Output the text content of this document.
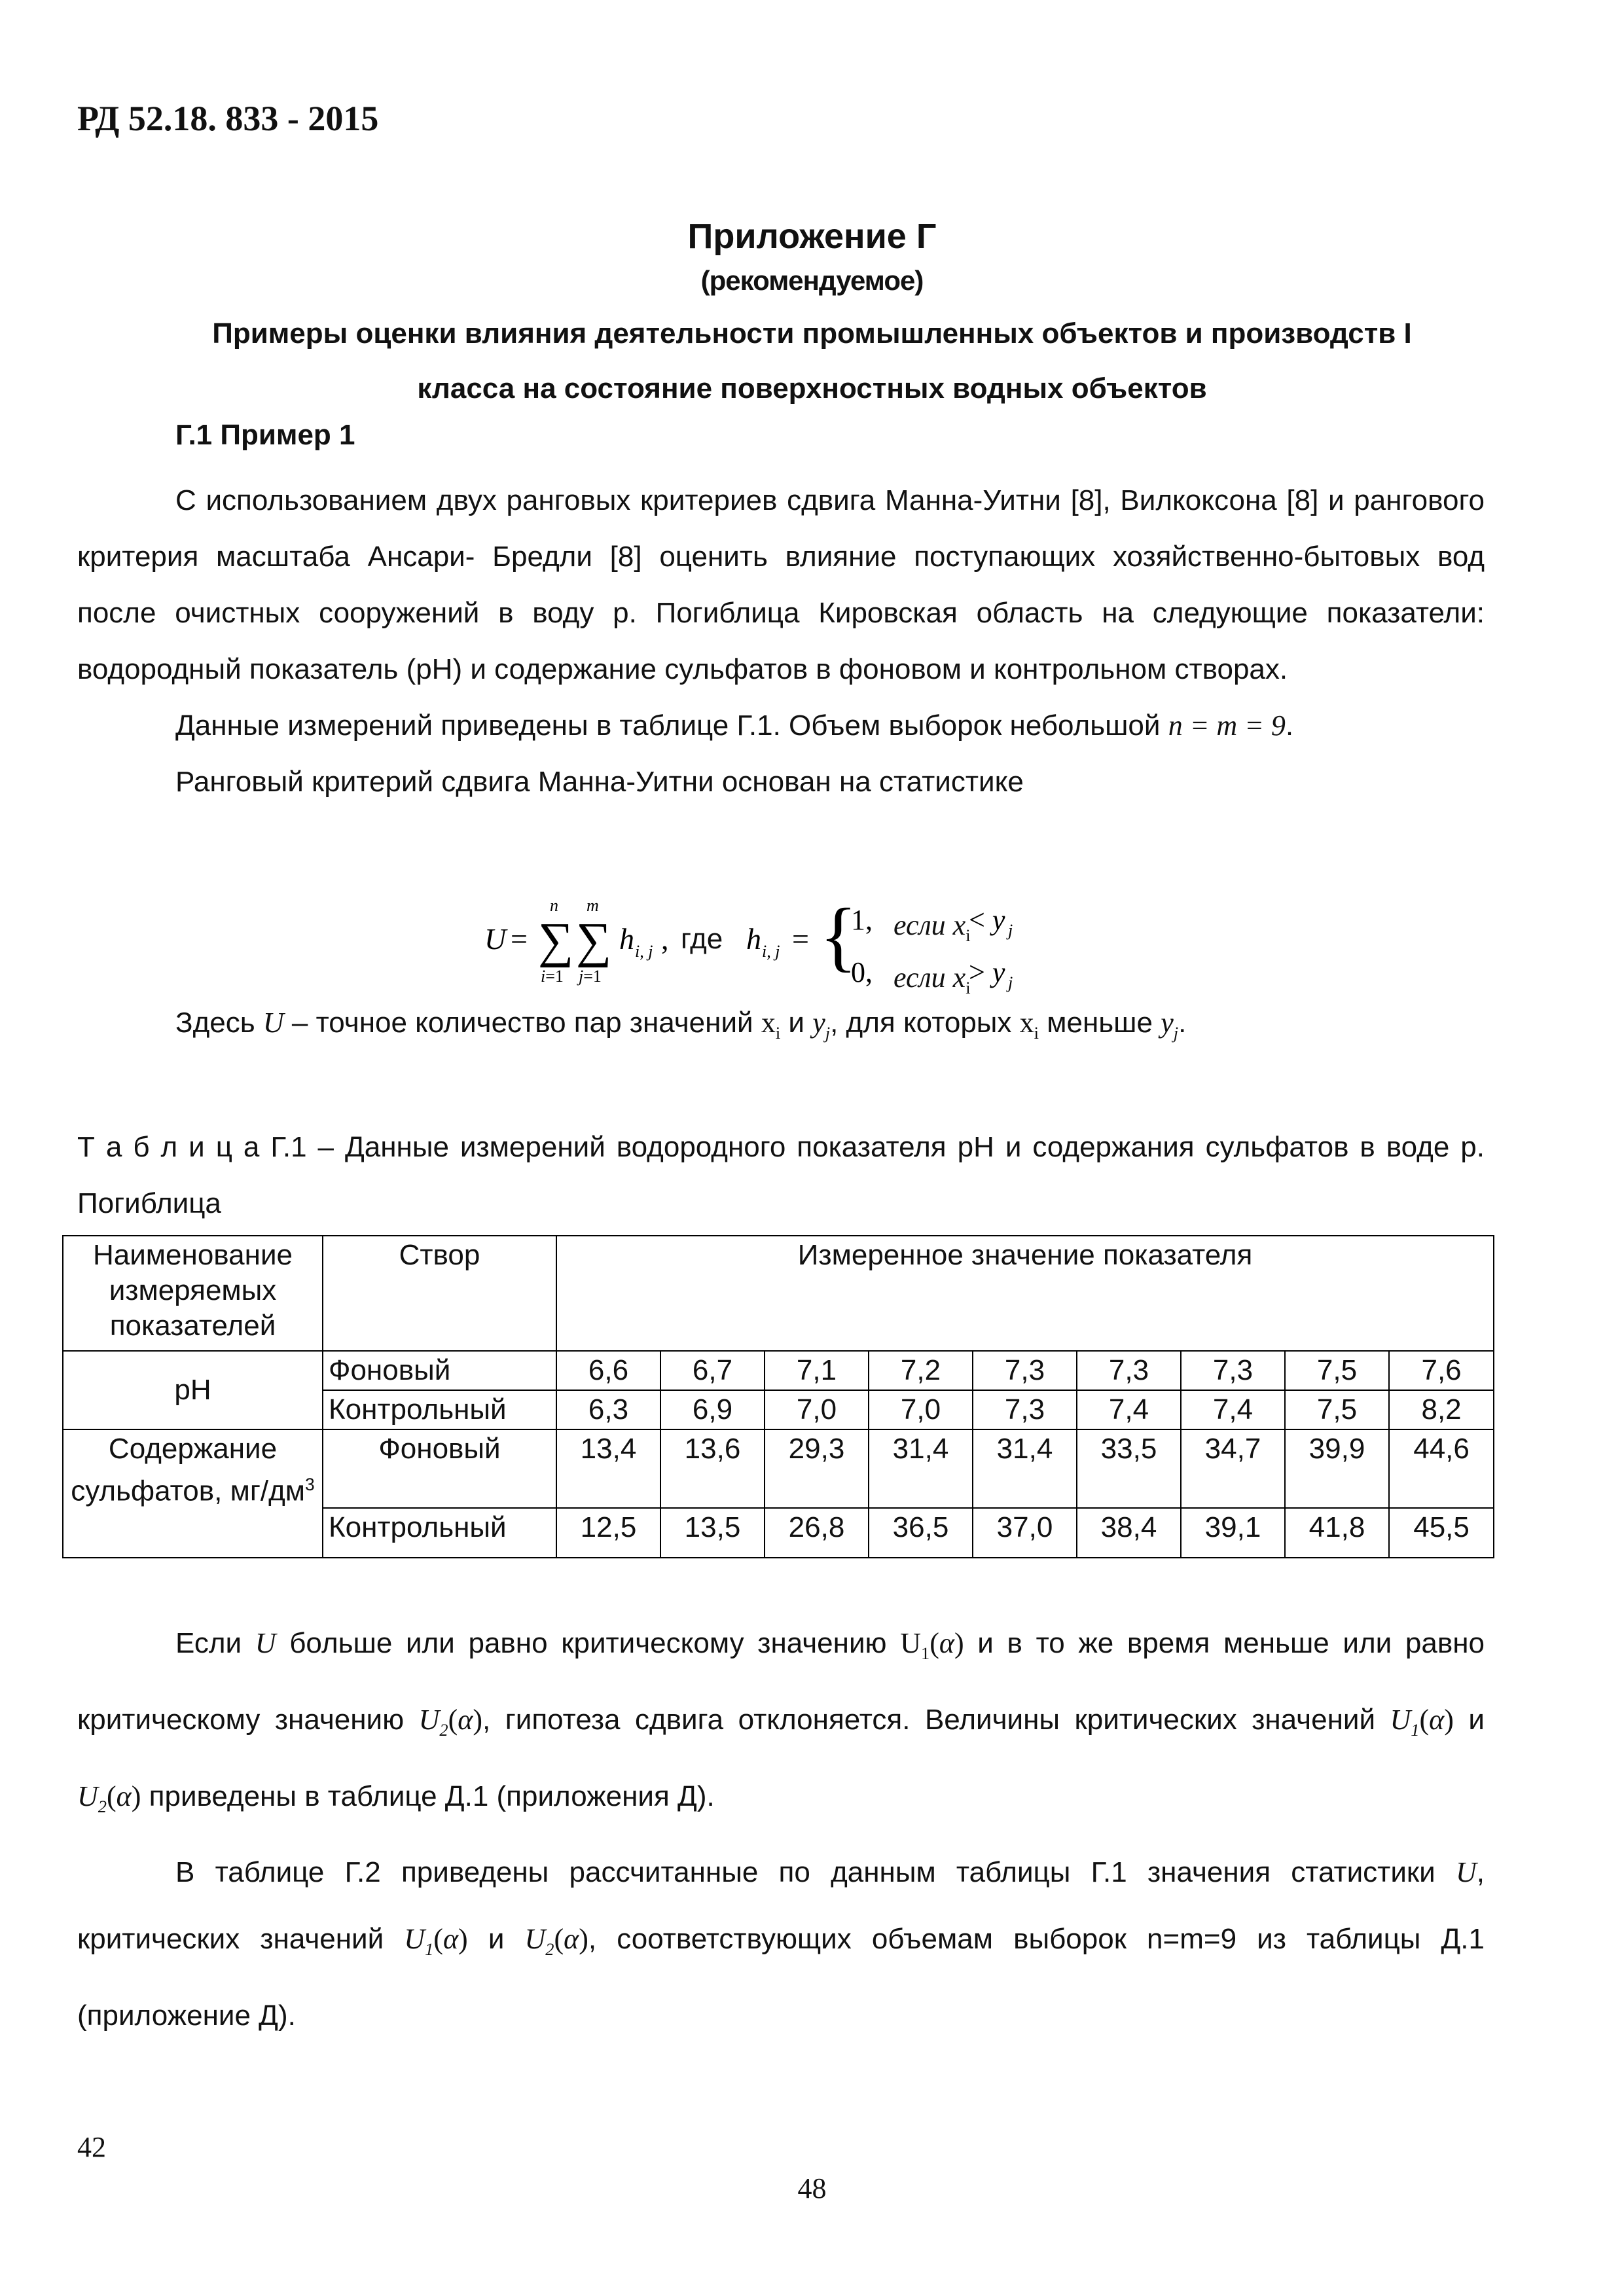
РД 52.18. 833 - 2015
Приложение Г
(рекомендуемое)
Примеры оценки влияния деятельности промышленных объектов и производств I
класса на состояние поверхностных водных объектов
Г.1 Пример 1

С использованием двух ранговых критериев сдвига Манна-Уитни [8], Вилкоксона [8] и рангового критерия масштаба Ансари- Бредли [8] оценить влияние поступающих хозяйственно-бытовых вод после очистных сооружений в воду р. Погиблица Кировская область на следующие показатели: водородный показатель (pH) и содержание сульфатов в фоновом и контрольном створах.

Данные измерений приведены в таблице Г.1. Объем выборок небольшой n = m = 9.

Ранговый критерий сдвига Манна-Уитни основан на статистике

U = ∑
n
i=1
∑
m
j=1
h i, j ,	h i, j = {
1,
0,
< y j
> y j
где	если $x_i$
если $x_i$

Здесь U – точное количество пар значений $x_i$ и $y_j$, для которых $x_i$ меньше $y_j$.

Т а б л и ц а Г.1 – Данные измерений водородного показателя pH и содержания сульфатов в воде р. Погиблица

Наименование измеряемых показателей	Створ	Измеренное значение показателя								
pH	Фоновый	6,6	6,7	7,1	7,2	7,3	7,3	7,3	7,5	7,6
	Контрольный	6,3	6,9	7,0	7,0	7,3	7,4	7,4	7,5	8,2
Содержание сульфатов, $мг/дм^3$	Фоновый	13,4	13,6	29,3	31,4	31,4	33,5	34,7	39,9	44,6
	Контрольный	12,5	13,5	26,8	36,5	37,0	38,4	39,1	41,8	45,5

Если U больше или равно критическому значению $U_1(\alpha)$ и в то же время меньше или равно критическому значению $U_2(\alpha)$, гипотеза сдвига отклоняется. Величины критических значений $U_1(\alpha)$ и $U_2(\alpha)$ приведены в таблице Д.1 (приложения Д).

В таблице Г.2 приведены рассчитанные по данным таблицы Г.1 значения статистики U, критических значений $U_1(\alpha)$ и $U_2(\alpha)$, соответствующих объемам выборок n=m=9 из таблицы Д.1 (приложение Д).

42
48
